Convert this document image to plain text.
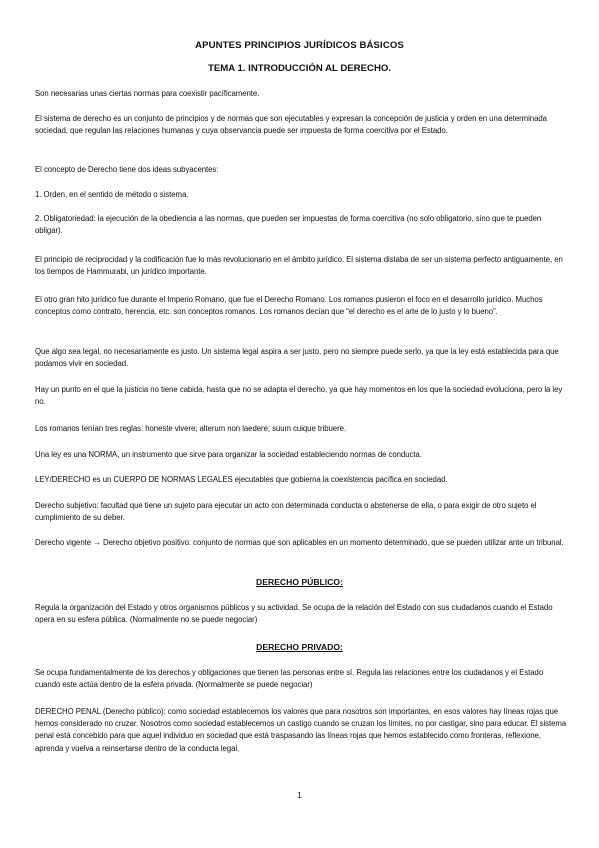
APUNTES PRINCIPIOS JURÍDICOS BÁSICOS
TEMA 1. INTRODUCCIÓN AL DERECHO.

Son necesarias unas ciertas normas para coexistir pacíficamente.

El sistema de derecho es un conjunto de principios y de normas que son ejecutables y expresan la concepción de justicia y orden en una determinada sociedad, que regulan las relaciones humanas y cuya observancia puede ser impuesta de forma coercitiva por el Estado.

El concepto de Derecho tiene dos ideas subyacentes:

1. Orden, en el sentido de método o sistema.

2. Obligatoriedad: la ejecución de la obediencia a las normas, que pueden ser impuestas de forma coercitiva (no solo obligatorio, sino que te pueden obligar).

El principio de reciprocidad y la codificación fue lo más revolucionario en el ámbito jurídico. El sistema distaba de ser un sistema perfecto antiguamente, en los tiempos de Hammurabi, un jurídico importante.

El otro gran hito jurídico fue durante el Imperio Romano, que fue el Derecho Romano. Los romanos pusieron el foco en el desarrollo jurídico. Muchos conceptos como contrato, herencia, etc. son conceptos romanos. Los romanos decían que “el derecho es el arte de lo justo y lo bueno”.

Que algo sea legal, no necesariamente es justo. Un sistema legal aspira a ser justo, pero no siempre puede serlo, ya que la ley está establecida para que podamos vivir en sociedad.

Hay un punto en el que la justicia no tiene cabida, hasta que no se adapta el derecho, ya que hay momentos en los que la sociedad evoluciona, pero la ley no.

Los romanos tenían tres reglas: honeste vivere; alterum non laedere; suum cuique tribuere.

Una ley es una NORMA, un instrumento que sirve para organizar la sociedad estableciendo normas de conducta.

LEY/DERECHO es un CUERPO DE NORMAS LEGALES ejecutables que gobierna la coexistencia pacífica en sociedad.

Derecho subjetivo: facultad que tiene un sujeto para ejecutar un acto con determinada conducta o abstenerse de ella, o para exigir de otro sujeto el cumplimiento de su deber.

Derecho vigente → Derecho objetivo positivo: conjunto de normas que son aplicables en un momento determinado, que se pueden utilizar ante un tribunal.

DERECHO PÚBLICO:

Regula la organización del Estado y otros organismos públicos y su actividad. Se ocupa de la relación del Estado con sus ciudadanos cuando el Estado opera en su esfera pública. (Normalmente no se puede negociar)

DERECHO PRIVADO:

Se ocupa fundamentalmente de los derechos y obligaciones que tienen las personas entre sí. Regula las relaciones entre los ciudadanos y el Estado cuando este actúa dentro de la esfera privada. (Normalmente se puede negociar)

DERECHO PENAL (Derecho público): como sociedad establecemos los valores que para nosotros son importantes, en esos valores hay líneas rojas que hemos considerado no cruzar. Nosotros como sociedad establecemos un castigo cuando se cruzan los límites, no por castigar, sino para educar. El sistema penal está concebido para que aquel individuo en sociedad que está traspasando las líneas rojas que hemos establecido como fronteras, reflexione, aprenda y vuelva a reinsertarse dentro de la conducta legal.

1
